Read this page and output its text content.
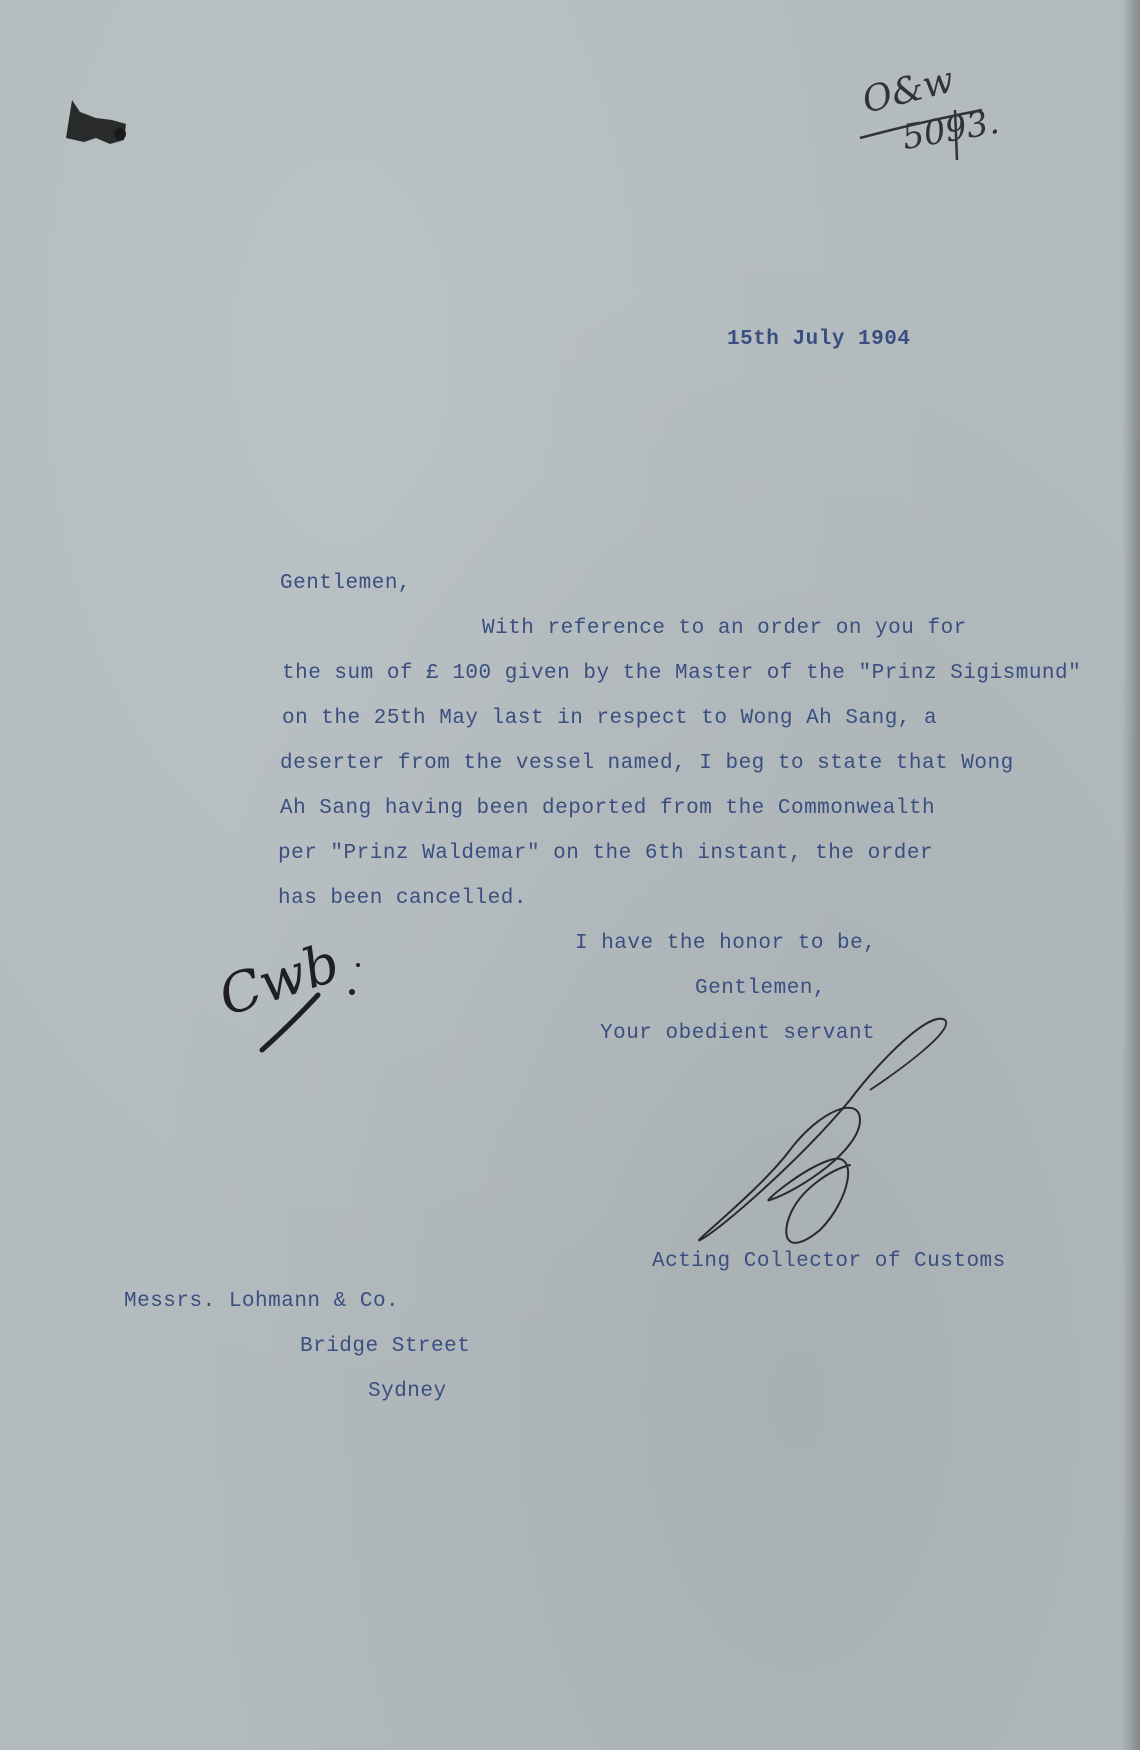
O&w
5093.

15th July 1904

Gentlemen,

With reference to an order on you for

the sum of £ 100 given by the Master of the "Prinz Sigismund"

on the 25th May last in respect to Wong Ah Sang, a

deserter from the vessel named, I beg to state that Wong

Ah Sang having been deported from the Commonwealth

per "Prinz Waldemar" on the 6th instant, the order

has been cancelled.

I have the honor to be,

Gentlemen,

Your obedient servant

Cwb

Acting Collector of Customs

Messrs. Lohmann & Co.

Bridge Street

Sydney
